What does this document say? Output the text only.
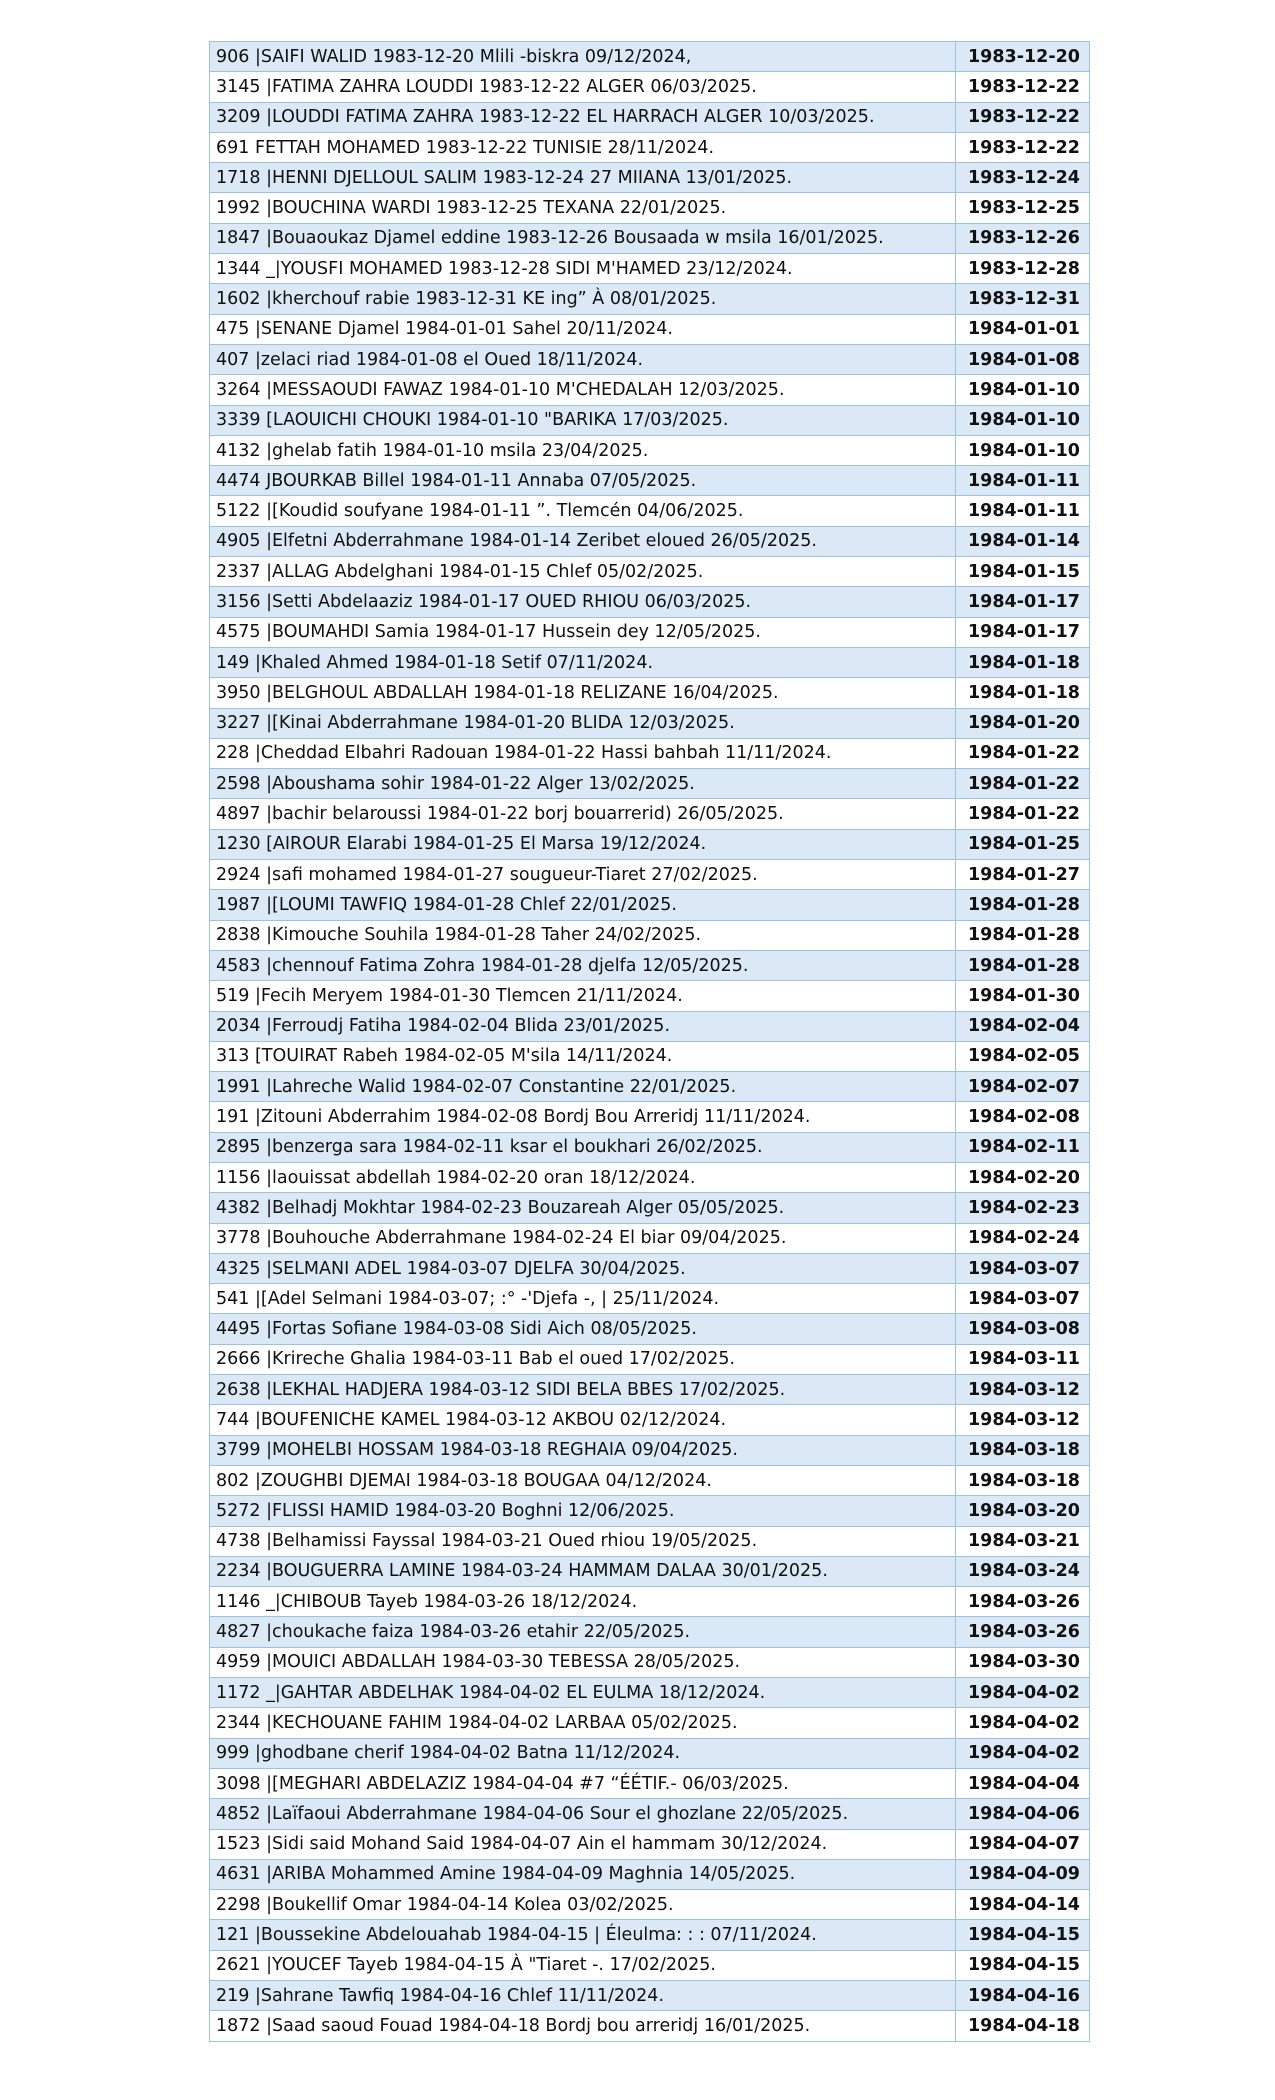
906 |SAIFI WALID 1983-12-20 Mlili -biskra 09/12/2024,	1983-12-20
3145 |FATIMA ZAHRA LOUDDI 1983-12-22 ALGER 06/03/2025.	1983-12-22
3209 |LOUDDI FATIMA ZAHRA 1983-12-22 EL HARRACH ALGER 10/03/2025.	1983-12-22
691 FETTAH MOHAMED 1983-12-22 TUNISIE 28/11/2024.	1983-12-22
1718 |HENNI DJELLOUL SALIM 1983-12-24 27 MIIANA 13/01/2025.	1983-12-24
1992 |BOUCHINA WARDI 1983-12-25 TEXANA 22/01/2025.	1983-12-25
1847 |Bouaoukaz Djamel eddine 1983-12-26 Bousaada w msila 16/01/2025.	1983-12-26
1344 _|YOUSFI MOHAMED 1983-12-28 SIDI M'HAMED 23/12/2024.	1983-12-28
1602 |kherchouf rabie 1983-12-31 KE ing” À 08/01/2025.	1983-12-31
475 |SENANE Djamel 1984-01-01 Sahel 20/11/2024.	1984-01-01
407 |zelaci riad 1984-01-08 el Oued 18/11/2024.	1984-01-08
3264 |MESSAOUDI FAWAZ 1984-01-10 M'CHEDALAH 12/03/2025.	1984-01-10
3339 [LAOUICHI CHOUKI 1984-01-10 "BARIKA 17/03/2025.	1984-01-10
4132 |ghelab fatih 1984-01-10 msila 23/04/2025.	1984-01-10
4474 JBOURKAB Billel 1984-01-11 Annaba 07/05/2025.	1984-01-11
5122 |[Koudid soufyane 1984-01-11 ”. Tlemcén 04/06/2025.	1984-01-11
4905 |Elfetni Abderrahmane 1984-01-14 Zeribet eloued 26/05/2025.	1984-01-14
2337 |ALLAG Abdelghani 1984-01-15 Chlef 05/02/2025.	1984-01-15
3156 |Setti Abdelaaziz 1984-01-17 OUED RHIOU 06/03/2025.	1984-01-17
4575 |BOUMAHDI Samia 1984-01-17 Hussein dey 12/05/2025.	1984-01-17
149 |Khaled Ahmed 1984-01-18 Setif 07/11/2024.	1984-01-18
3950 |BELGHOUL ABDALLAH 1984-01-18 RELIZANE 16/04/2025.	1984-01-18
3227 |[Kinai Abderrahmane 1984-01-20 BLIDA 12/03/2025.	1984-01-20
228 |Cheddad Elbahri Radouan 1984-01-22 Hassi bahbah 11/11/2024.	1984-01-22
2598 |Aboushama sohir 1984-01-22 Alger 13/02/2025.	1984-01-22
4897 |bachir belaroussi 1984-01-22 borj bouarrerid) 26/05/2025.	1984-01-22
1230 [AIROUR Elarabi 1984-01-25 El Marsa 19/12/2024.	1984-01-25
2924 |safi mohamed 1984-01-27 sougueur-Tiaret 27/02/2025.	1984-01-27
1987 |[LOUMI TAWFIQ 1984-01-28 Chlef 22/01/2025.	1984-01-28
2838 |Kimouche Souhila 1984-01-28 Taher 24/02/2025.	1984-01-28
4583 |chennouf Fatima Zohra 1984-01-28 djelfa 12/05/2025.	1984-01-28
519 |Fecih Meryem 1984-01-30 Tlemcen 21/11/2024.	1984-01-30
2034 |Ferroudj Fatiha 1984-02-04 Blida 23/01/2025.	1984-02-04
313 [TOUIRAT Rabeh 1984-02-05 M'sila 14/11/2024.	1984-02-05
1991 |Lahreche Walid 1984-02-07 Constantine 22/01/2025.	1984-02-07
191 |Zitouni Abderrahim 1984-02-08 Bordj Bou Arreridj 11/11/2024.	1984-02-08
2895 |benzerga sara 1984-02-11 ksar el boukhari 26/02/2025.	1984-02-11
1156 |laouissat abdellah 1984-02-20 oran 18/12/2024.	1984-02-20
4382 |Belhadj Mokhtar 1984-02-23 Bouzareah Alger 05/05/2025.	1984-02-23
3778 |Bouhouche Abderrahmane 1984-02-24 El biar 09/04/2025.	1984-02-24
4325 |SELMANI ADEL 1984-03-07 DJELFA 30/04/2025.	1984-03-07
541 |[Adel Selmani 1984-03-07; :° -'Djefa -, | 25/11/2024.	1984-03-07
4495 |Fortas Sofiane 1984-03-08 Sidi Aich 08/05/2025.	1984-03-08
2666 |Krireche Ghalia 1984-03-11 Bab el oued 17/02/2025.	1984-03-11
2638 |LEKHAL HADJERA 1984-03-12 SIDI BELA BBES 17/02/2025.	1984-03-12
744 |BOUFENICHE KAMEL 1984-03-12 AKBOU 02/12/2024.	1984-03-12
3799 |MOHELBI HOSSAM 1984-03-18 REGHAIA 09/04/2025.	1984-03-18
802 |ZOUGHBI DJEMAI 1984-03-18 BOUGAA 04/12/2024.	1984-03-18
5272 |FLISSI HAMID 1984-03-20 Boghni 12/06/2025.	1984-03-20
4738 |Belhamissi Fayssal 1984-03-21 Oued rhiou 19/05/2025.	1984-03-21
2234 |BOUGUERRA LAMINE 1984-03-24 HAMMAM DALAA 30/01/2025.	1984-03-24
1146 _|CHIBOUB Tayeb 1984-03-26 18/12/2024.	1984-03-26
4827 |choukache faiza 1984-03-26 etahir 22/05/2025.	1984-03-26
4959 |MOUICI ABDALLAH 1984-03-30 TEBESSA 28/05/2025.	1984-03-30
1172 _|GAHTAR ABDELHAK 1984-04-02 EL EULMA 18/12/2024.	1984-04-02
2344 |KECHOUANE FAHIM 1984-04-02 LARBAA 05/02/2025.	1984-04-02
999 |ghodbane cherif 1984-04-02 Batna 11/12/2024.	1984-04-02
3098 |[MEGHARI ABDELAZIZ 1984-04-04 #7 “ÉÉTIF.- 06/03/2025.	1984-04-04
4852 |Laïfaoui Abderrahmane 1984-04-06 Sour el ghozlane 22/05/2025.	1984-04-06
1523 |Sidi said Mohand Said 1984-04-07 Ain el hammam 30/12/2024.	1984-04-07
4631 |ARIBA Mohammed Amine 1984-04-09 Maghnia 14/05/2025.	1984-04-09
2298 |Boukellif Omar 1984-04-14 Kolea 03/02/2025.	1984-04-14
121 |Boussekine Abdelouahab 1984-04-15 | Éleulma: : : 07/11/2024.	1984-04-15
2621 |YOUCEF Tayeb 1984-04-15 À "Tiaret -. 17/02/2025.	1984-04-15
219 |Sahrane Tawfiq 1984-04-16 Chlef 11/11/2024.	1984-04-16
1872 |Saad saoud Fouad 1984-04-18 Bordj bou arreridj 16/01/2025.	1984-04-18
